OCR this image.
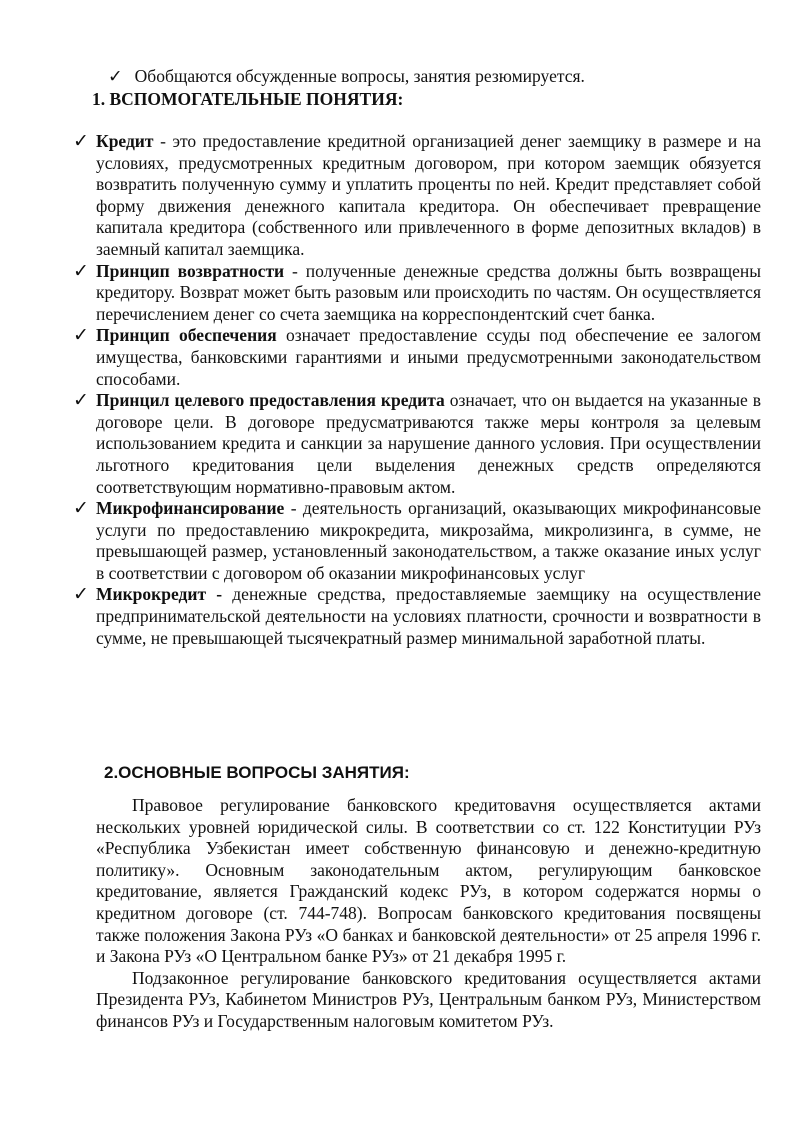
✓ Обобщаются обсужденные вопросы, занятия резюмируется.
1. ВСПОМОГАТЕЛЬНЫЕ ПОНЯТИЯ:
✓ Кредит - это предоставление кредитной организацией денег заемщику в размере и на условиях, предусмотренных кредитным договором, при котором заемщик обязуется возвратить полученную сумму и уплатить проценты по ней. Кредит представляет собой форму движения денежного капитала кредитора. Он обеспечивает превращение капитала кредитора (собственного или привлеченного в форме депозитных вкладов) в заемный капитал заемщика.
✓ Принцип возвратности - полученные денежные средства должны быть возвращены кредитору. Возврат может быть разовым или происходить по частям. Он осуществляется перечислением денег со счета заемщика на корреспондентский счет банка.
✓ Принцип обеспечения означает предоставление ссуды под обеспечение ее залогом имущества, банковскими гарантиями и иными предусмотренными законодательством способами.
✓ Принцил целевого предоставления кредита означает, что он выдается на указанные в договоре цели. В договоре предусматриваются также меры контроля за целевым использованием кредита и санкции за нарушение данного условия. При осуществлении льготного кредитования цели выделения денежных средств определяются соответствующим нормативно-правовым актом.
✓ Микрофинансирование - деятельность организаций, оказывающих микрофинансовые услуги по предоставлению микрокредита, микрозайма, микролизинга, в сумме, не превышающей размер, установленный законодательством, а также оказание иных услуг в соответствии с договором об оказании микрофинансовых услуг
✓ Микрокредит - денежные средства, предоставляемые заемщику на осуществление предпринимательской деятельности на условиях платности, срочности и возвратности в сумме, не превышающей тысячекратный размер минимальной заработной платы.
2.ОСНОВНЫЕ ВОПРОСЫ ЗАНЯТИЯ:

Правовое регулирование банковского кредитоваvня осуществляется актами нескольких уровней юридической силы. В соответствии со ст. 122 Конституции РУз «Республика Узбекистан имеет собственную финансовую и денежно-кредитную политику». Основным законодательным актом, регулирующим банковское кредитование, является Гражданский кодекс РУз, в котором содержатся нормы о кредитном договоре (ст. 744-748). Вопросам банковского кредитования посвящены также положения Закона РУз «О банках и банковской деятельности» от 25 апреля 1996 г. и Закона РУз «О Центральном банке РУз» от 21 декабря 1995 г.

Подзаконное регулирование банковского кредитования осуществляется актами Президента РУз, Кабинетом Министров РУз, Центральным банком РУз, Министерством финансов РУз и Государственным налоговым комитетом РУз.
